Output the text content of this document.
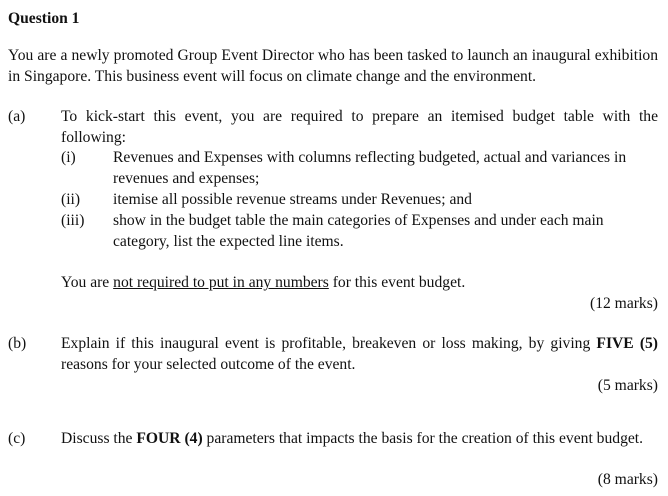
Question 1
You are a newly promoted Group Event Director who has been tasked to launch an inaugural exhibition in Singapore. This business event will focus on climate change and the environment.
(a) To kick-start this event, you are required to prepare an itemised budget table with the following:
(i) Revenues and Expenses with columns reflecting budgeted, actual and variances in revenues and expenses;
(ii) itemise all possible revenue streams under Revenues; and
(iii) show in the budget table the main categories of Expenses and under each main category, list the expected line items.
You are not required to put in any numbers for this event budget.
(12 marks)
(b) Explain if this inaugural event is profitable, breakeven or loss making, by giving FIVE (5) reasons for your selected outcome of the event.
(5 marks)
(c) Discuss the FOUR (4) parameters that impacts the basis for the creation of this event budget.
(8 marks)
